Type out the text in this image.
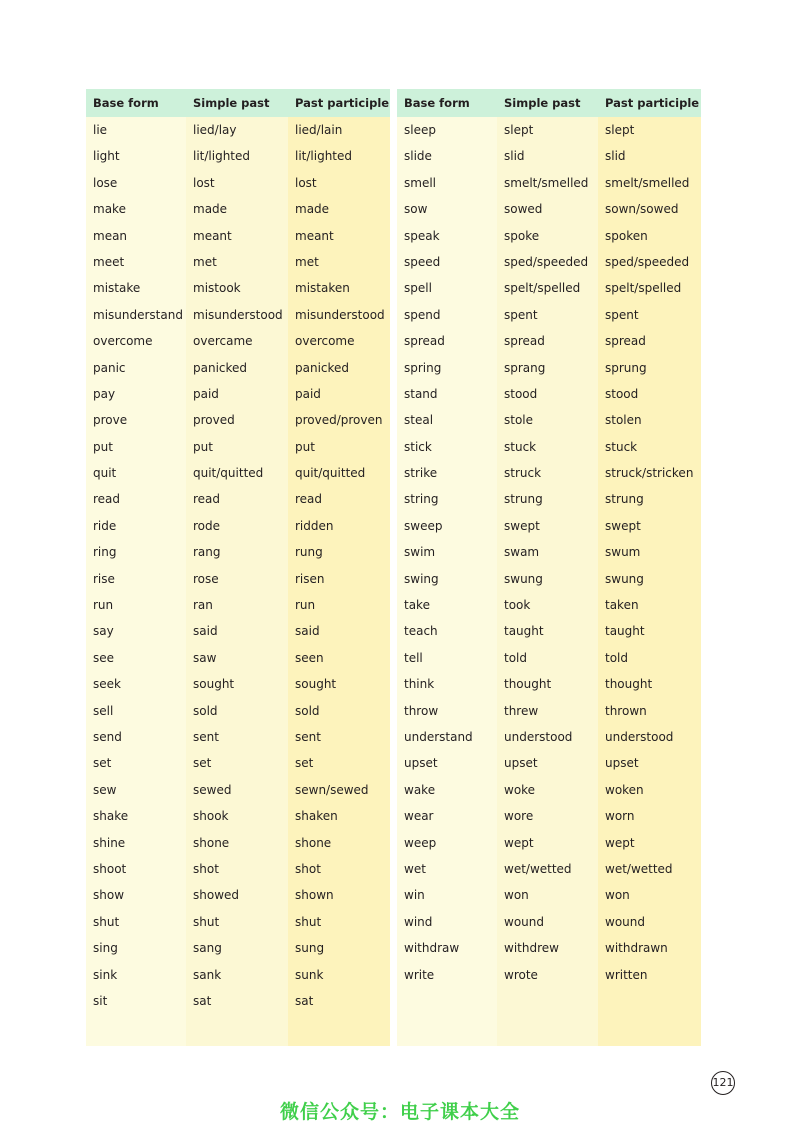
Base form
lie
light
lose
make
mean
meet
mistake
misunderstand
overcome
panic
pay
prove
put
quit
read
ride
ring
rise
run
say
see
seek
sell
send
set
sew
shake
shine
shoot
show
shut
sing
sink
sit
Simple past
lied/lay
lit/lighted
lost
made
meant
met
mistook
misunderstood
overcame
panicked
paid
proved
put
quit/quitted
read
rode
rang
rose
ran
said
saw
sought
sold
sent
set
sewed
shook
shone
shot
showed
shut
sang
sank
sat
Past participle
lied/lain
lit/lighted
lost
made
meant
met
mistaken
misunderstood
overcome
panicked
paid
proved/proven
put
quit/quitted
read
ridden
rung
risen
run
said
seen
sought
sold
sent
set
sewn/sewed
shaken
shone
shot
shown
shut
sung
sunk
sat
Base form
sleep
slide
smell
sow
speak
speed
spell
spend
spread
spring
stand
steal
stick
strike
string
sweep
swim
swing
take
teach
tell
think
throw
understand
upset
wake
wear
weep
wet
win
wind
withdraw
write
Simple past
slept
slid
smelt/smelled
sowed
spoke
sped/speeded
spelt/spelled
spent
spread
sprang
stood
stole
stuck
struck
strung
swept
swam
swung
took
taught
told
thought
threw
understood
upset
woke
wore
wept
wet/wetted
won
wound
withdrew
wrote
Past participle
slept
slid
smelt/smelled
sown/sowed
spoken
sped/speeded
spelt/spelled
spent
spread
sprung
stood
stolen
stuck
struck/stricken
strung
swept
swum
swung
taken
taught
told
thought
thrown
understood
upset
woken
worn
wept
wet/wetted
won
wound
withdrawn
written
121
微信公众号：电子课本大全
